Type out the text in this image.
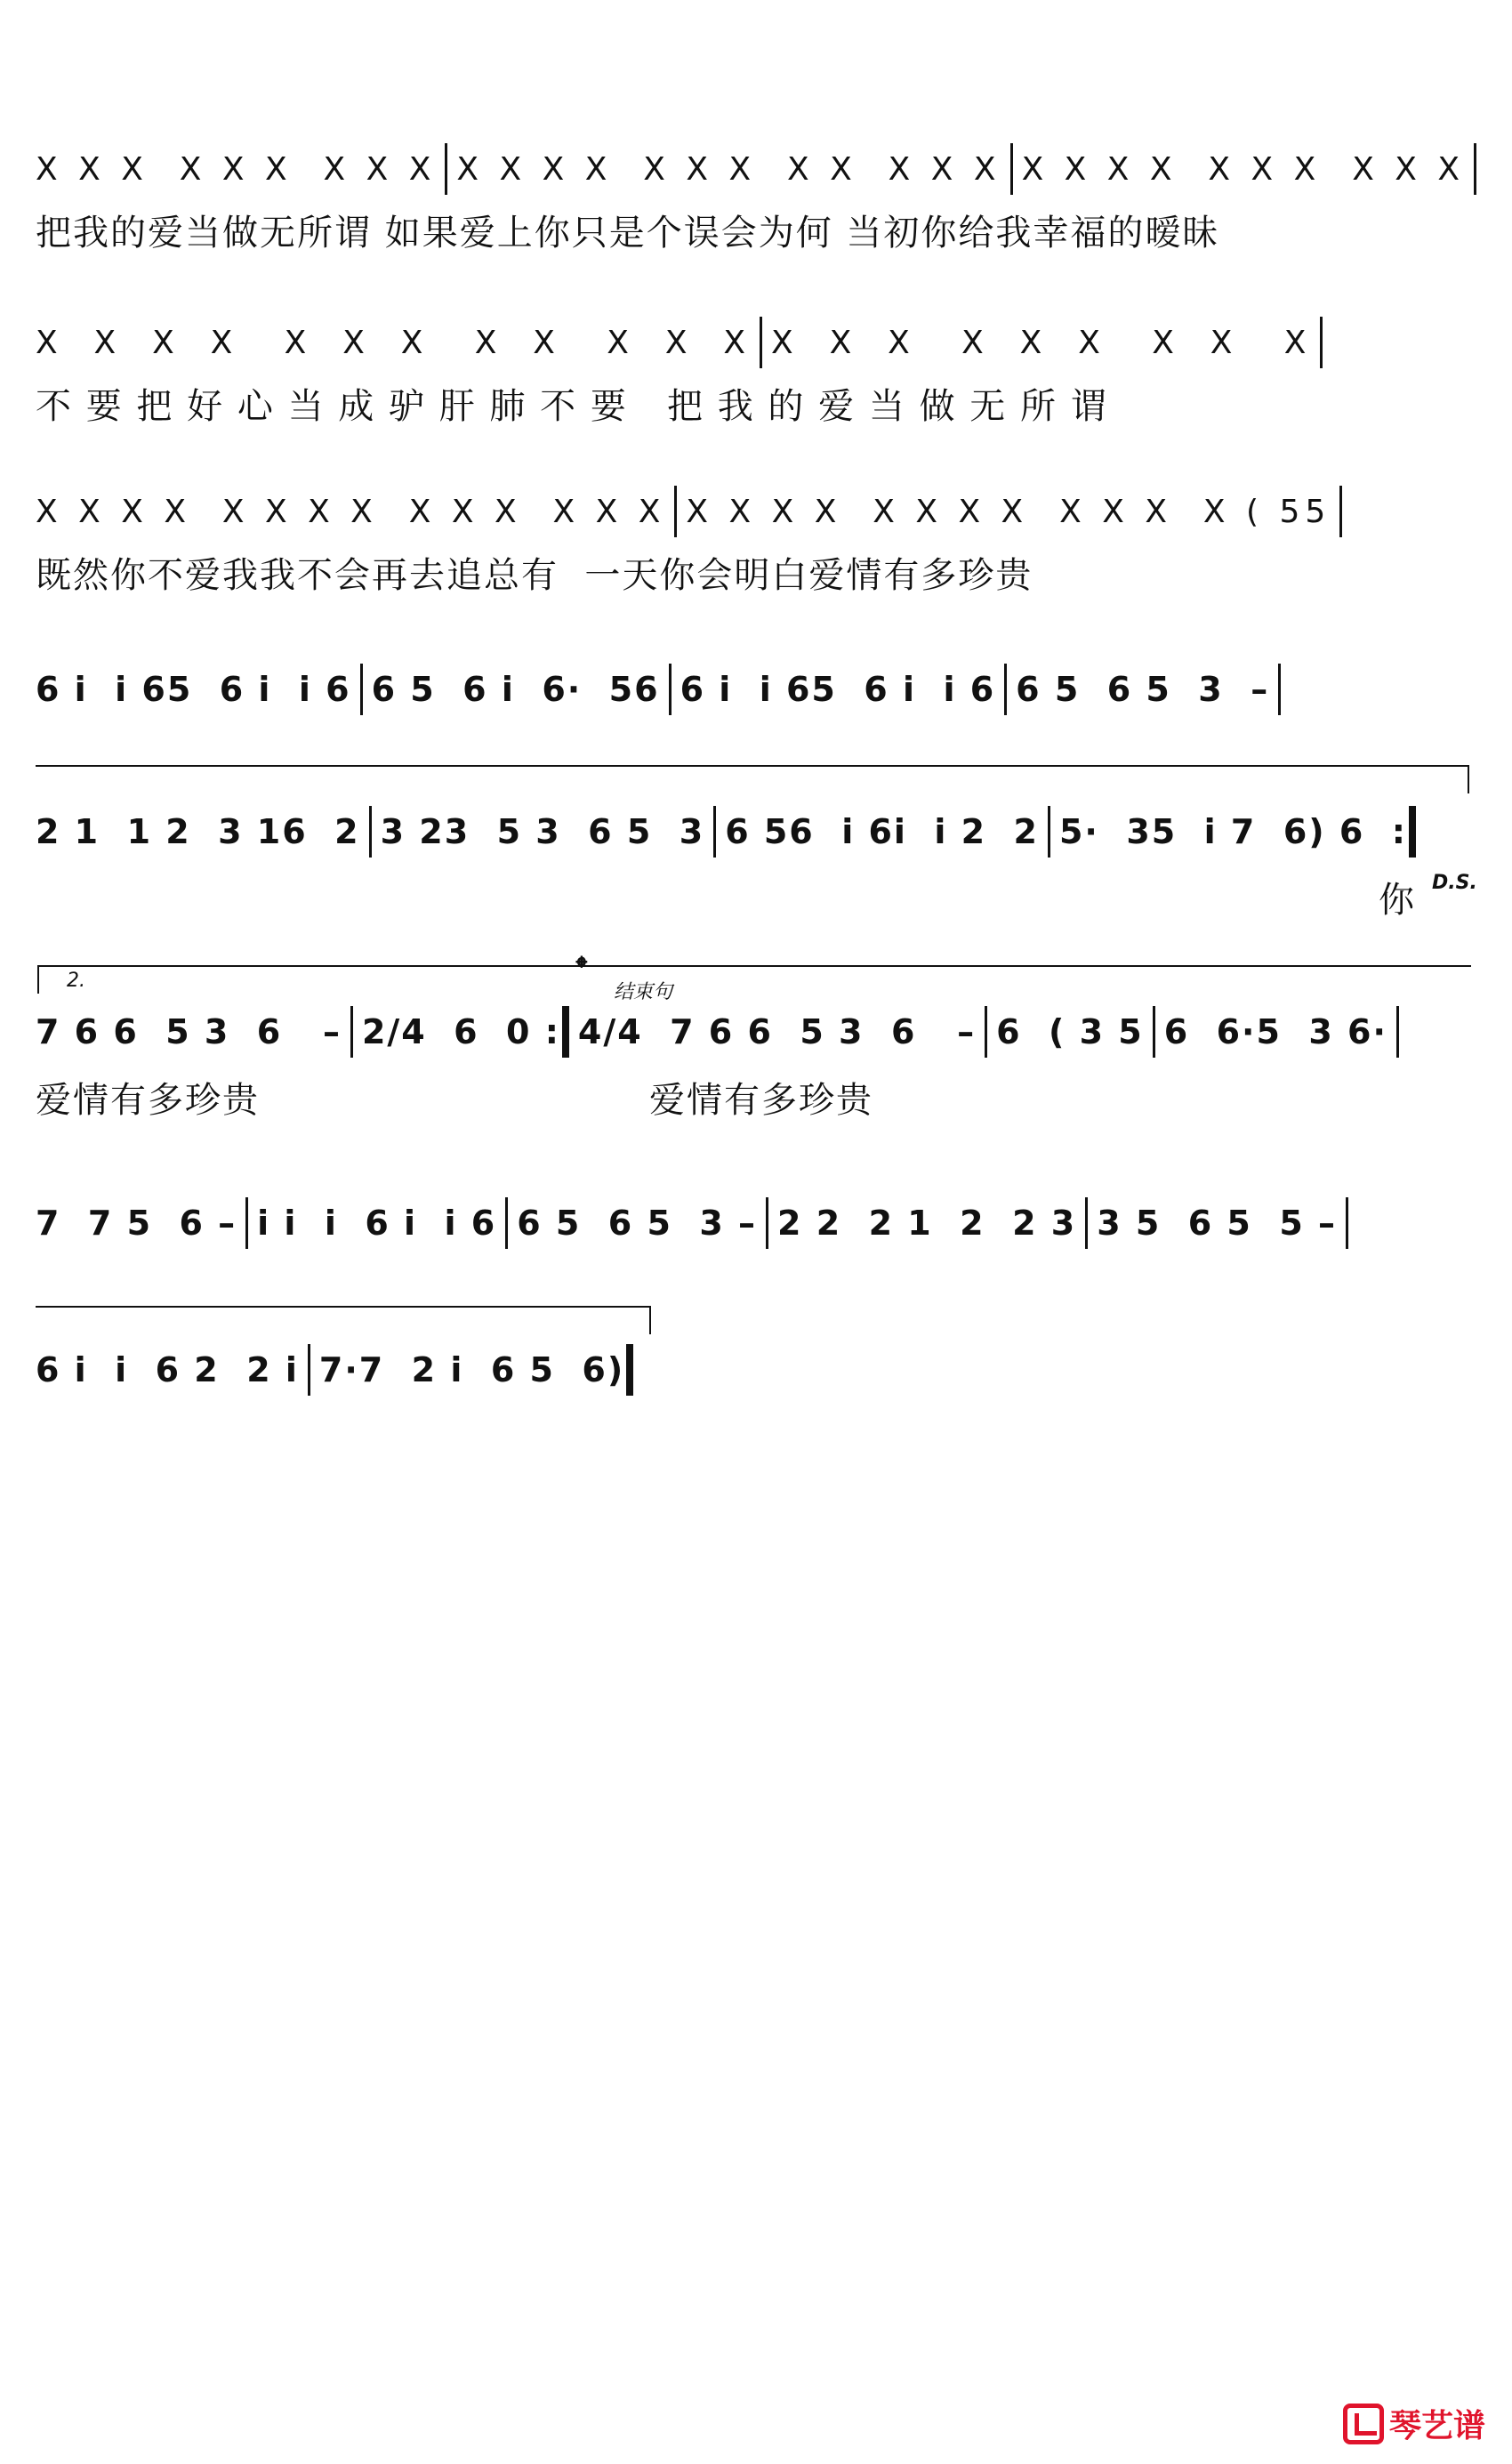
X X X  X X X  X X X X X X X  X X X  X X  X X X X X X X  X X X  X X X
把我的爱当做无所谓 如果爱上你只是个误会为何 当初你给我幸福的暧昧
X  X  X  X   X  X  X   X  X   X  X  X X  X  X   X  X  X   X  X   X
不 要 把 好 心 当 成 驴 肝 肺 不 要   把 我 的 爱 当 做 无 所 谓
X X X X  X X X X  X X X  X X X X X X X  X X X X  X X X  X ( 55
既然你不爱我我不会再去追总有  一天你会明白爱情有多珍贵
6 i  i 65  6 i  i 6 6 5  6 i  6·  56 6 i  i 65  6 i  i 6 6 5  6 5  3  –
2 1  1 2  3 16  2 3 23  5 3  6 5  3 6 56  i 6i  i 2  2 5·  35  i 7  6) 6  :
你 D.S.
2.	𝄌
结束句
7 6 6  5 3  6   – 2/4  6  0 : 4/4  7 6 6  5 3  6   – 6  ( 3 5 6  6·5  3 6·
爱情有多珍贵	爱情有多珍贵
7  7 5  6 – i i  i  6 i  i 6 6 5  6 5  3 – 2 2  2 1  2  2 3 3 5  6 5  5 –
6 i  i  6 2  2 i 7·7  2 i  6 5  6)
琴艺谱
